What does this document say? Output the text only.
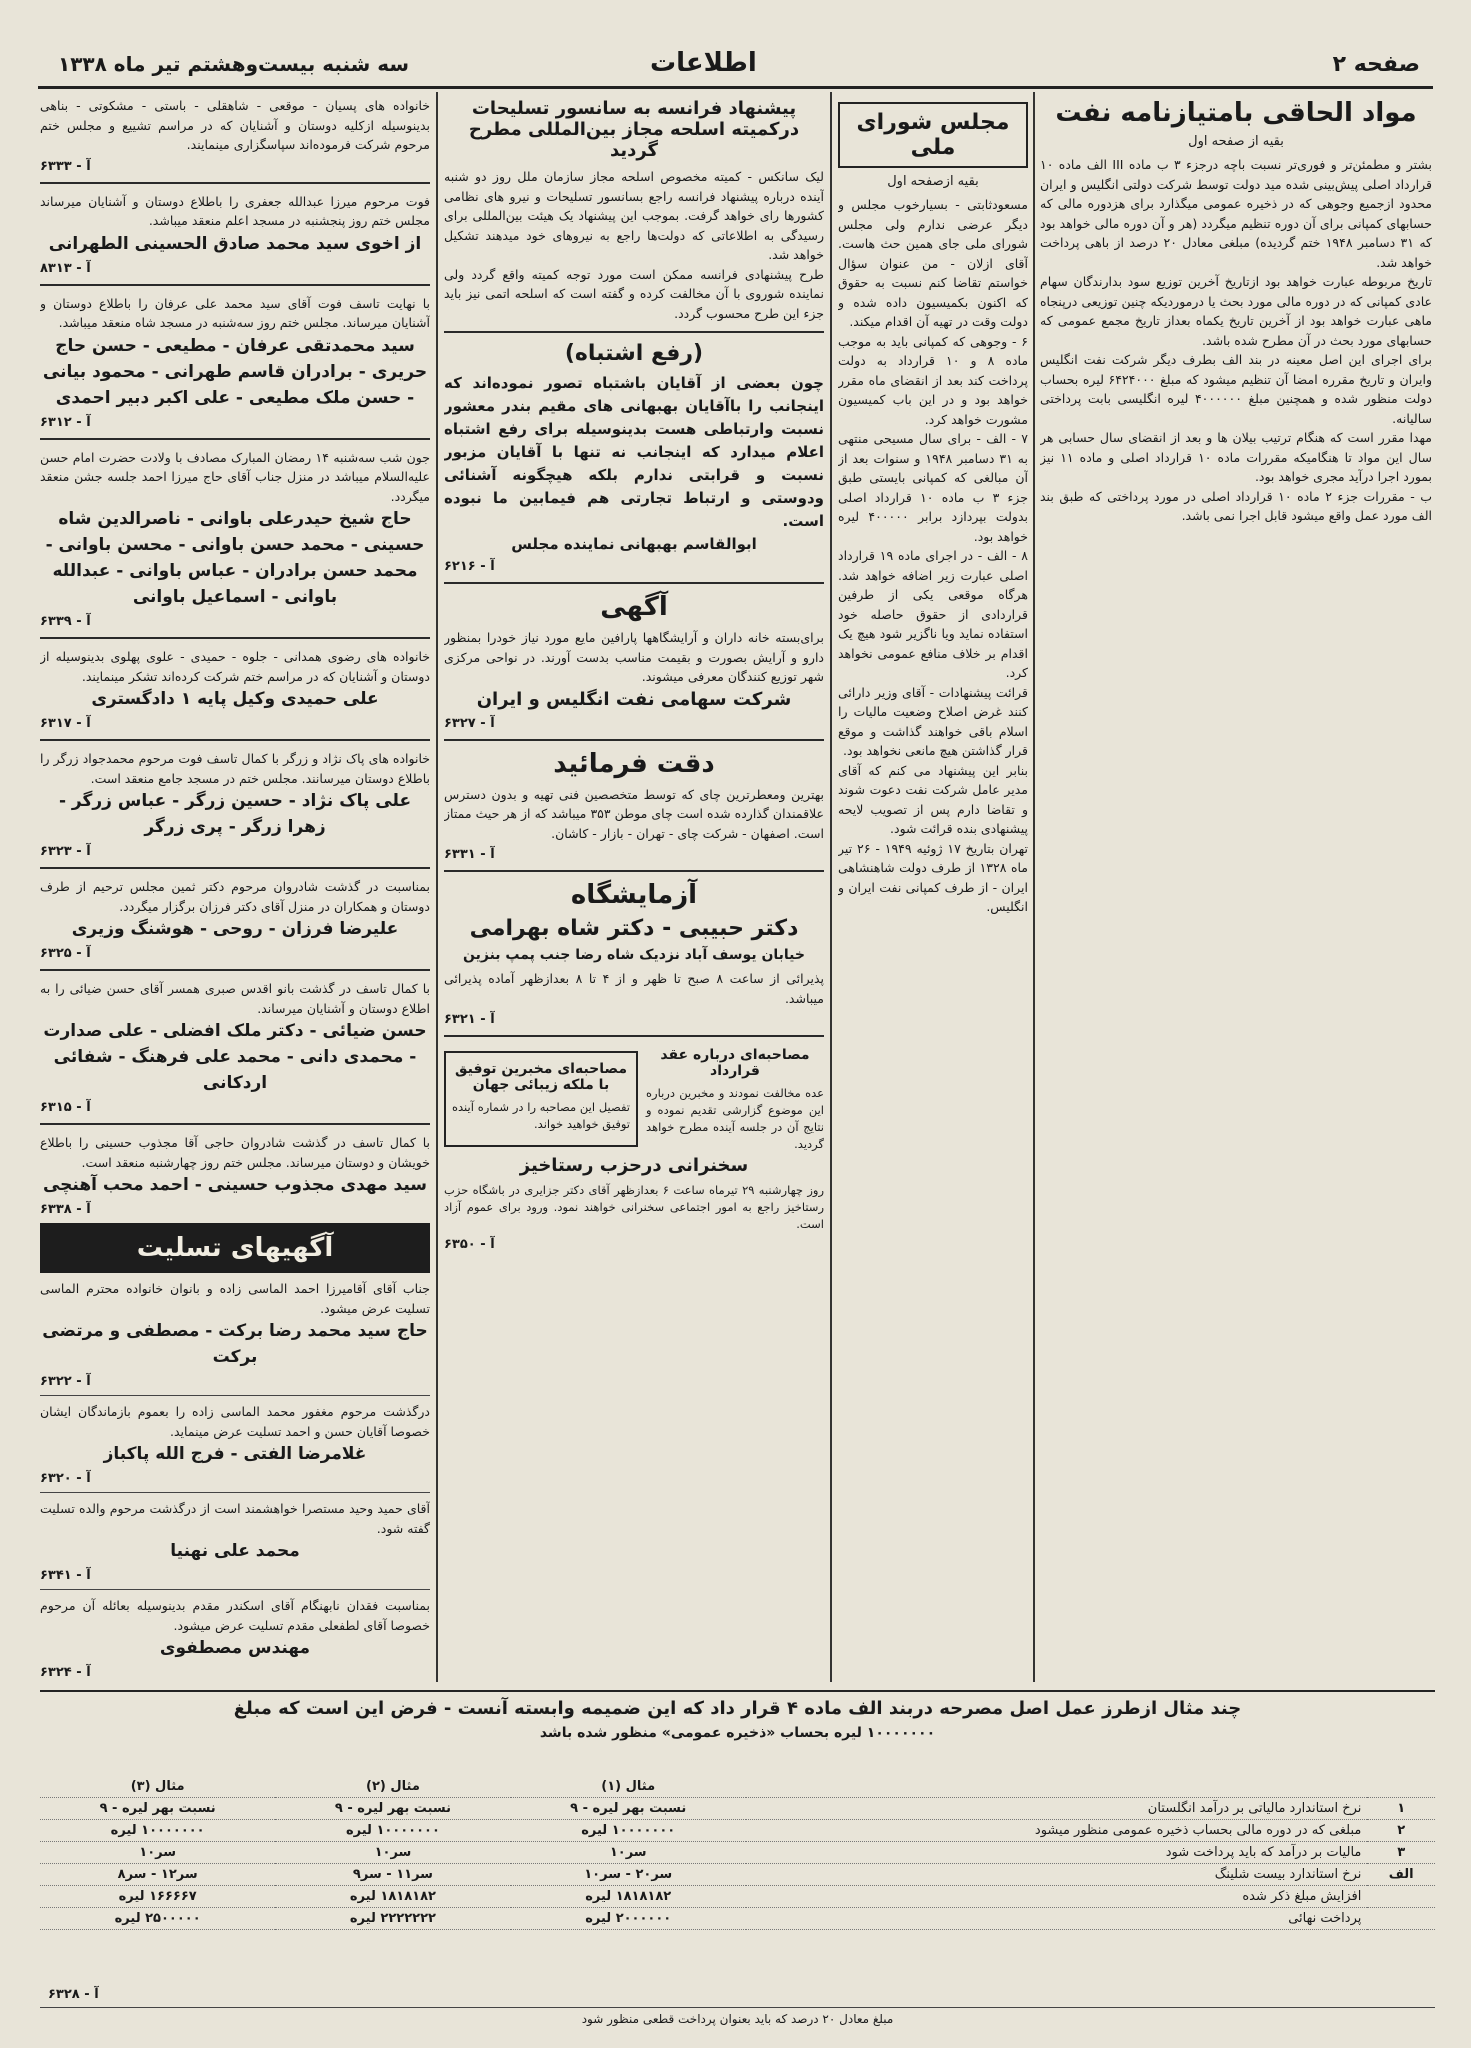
صفحه ۲
اطلاعات
سه شنبه بیست‌وهشتم تیر ماه ۱۳۳۸
مواد الحاقی بامتیازنامه نفت
بقیه از صفحه اول

بشتر و مطمئن‌تر و فوری‌تر نسبت باچه درجزء ۳ ب ماده III الف ماده ۱۰ قرارداد اصلی پیش‌بینی شده مید دولت توسط شرکت دولتی انگلیس و ایران محدود ازجمیع وجوهی که در ذخیره عمومی میگذارد برای هزدوره مالی که حسابهای کمپانی برای آن دوره تنظیم میگردد (هر و آن دوره مالی خواهد بود که ۳۱ دسامبر ۱۹۴۸ ختم گردیده) مبلغی معادل ۲۰ درصد از باهی پرداخت خواهد شد.

تاریخ مربوطه عبارت خواهد بود ازتاریخ آخرین توزیع سود بدارندگان سهام عادی کمپانی که در دوره مالی مورد بحث یا درموردیکه چنین توزیعی درپنجاه ماهی عبارت خواهد بود از آخرین تاریخ یکماه بعداز تاریخ مجمع عمومی که حسابهای مورد بحث در آن مطرح شده باشد.

برای اجرای این اصل معینه در بند الف بطرف دیگر شرکت نفت انگلیس وایران و تاریخ مقرره امضا آن تنظیم میشود که مبلغ ۶۴۲۴۰۰۰ لیره بحساب دولت منظور شده و همچنین مبلغ ۴۰۰۰۰۰۰ لیره انگلیسی بابت پرداختی سالیانه.

مهدا مقرر است که هنگام ترتیب بیلان ها و بعد از انقضای سال حسابی هر سال این مواد تا هنگامیکه مقررات ماده ۱۰ قرارداد اصلی و ماده ۱۱ نیز بمورد اجرا درآید مجری خواهد بود.

ب - مقررات جزء ۲ ماده ۱۰ قرارداد اصلی در مورد پرداختی که طبق بند الف مورد عمل واقع میشود قابل اجرا نمی باشد.

مجلس شورای ملی
بقیه ازصفحه اول

مسعودثابتی - بسیارخوب مجلس و دیگر عرضی ندارم ولی مجلس شورای ملی جای همین حث هاست. آقای ازلان - من عنوان سؤال خواستم تقاضا کنم نسبت به حقوق که اکنون بکمیسیون داده شده و دولت وقت در تهیه آن اقدام میکند.

۶ - وجوهی که کمپانی باید به موجب ماده ۸ و ۱۰ قرارداد به دولت پرداخت کند بعد از انقضای ماه مقرر خواهد بود و در این باب کمیسیون مشورت خواهد کرد.

۷ - الف - برای سال مسیحی منتهی به ۳۱ دسامبر ۱۹۴۸ و سنوات بعد از آن مبالغی که کمپانی بایستی طبق جزء ۳ ب ماده ۱۰ قرارداد اصلی بدولت بپردازد برابر ۴۰۰۰۰۰ لیره خواهد بود.

۸ - الف - در اجرای ماده ۱۹ قرارداد اصلی عبارت زیر اضافه خواهد شد. هرگاه موقعی یکی از طرفین قراردادی از حقوق حاصله خود استفاده نماید ویا ناگزیر شود هیچ یک اقدام بر خلاف منافع عمومی نخواهد کرد.

قرائت پیشنهادات - آقای وزیر دارائی کنند غرض اصلاح وضعیت مالیات را اسلام باقی خواهند گذاشت و موقع قرار گذاشتن هیچ مانعی نخواهد بود.

بنابر این پیشنهاد می کنم که آقای مدیر عامل شرکت نفت دعوت شوند و تقاضا دارم پس از تصویب لایحه پیشنهادی بنده قرائت شود.

تهران بتاریخ ۱۷ ژوئیه ۱۹۴۹ - ۲۶ تیر ماه ۱۳۲۸ از طرف دولت شاهنشاهی ایران - از طرف کمپانی نفت ایران و انگلیس.

پیشنهاد فرانسه به سانسور تسلیحات درکمیته اسلحه مجاز بین‌المللی مطرح گردید

لیک سانکس - کمیته مخصوص اسلحه مجاز سازمان ملل روز دو شنبه آینده درباره پیشنهاد فرانسه راجع بسانسور تسلیحات و نیرو های نظامی کشورها رای خواهد گرفت. بموجب این پیشنهاد یک هیئت بین‌المللی برای رسیدگی به اطلاعاتی که دولت‌ها راجع به نیروهای خود میدهند تشکیل خواهد شد.

طرح پیشنهادی فرانسه ممکن است مورد توجه کمیته واقع گردد ولی نماینده شوروی با آن مخالفت کرده و گفته است که اسلحه اتمی نیز باید جزء این طرح محسوب گردد.

(رفع اشتباه)

چون بعضی از آقایان باشتباه تصور نموده‌اند که اینجانب را باآقایان بهبهانی های مقیم بندر معشور نسبت وارتباطی هست بدینوسیله برای رفع اشتباه اعلام میدارد که اینجانب نه تنها با آقایان مزبور نسبت و قرابتی ندارم بلکه هیچگونه آشنائی ودوستی و ارتباط تجارتی هم فیمابین ما نبوده است.

ابوالقاسم بهبهانی نماینده مجلس
آ - ۶۲۱۶
آگهی

برای‌بسته خانه داران و آرایشگاهها پارافین مایع مورد نیاز خودرا بمنظور دارو و آرایش بصورت و بقیمت مناسب بدست آورند. در نواحی مرکزی شهر توزیع کنندگان معرفی میشوند.

شرکت سهامی نفت انگلیس و ایران
آ - ۶۳۲۷
دقت فرمائید

بهترین ومعطرترین چای که توسط متخصصین فنی تهیه و بدون دسترس علاقمندان گذارده شده است چای موطن ۳۵۳ میباشد که از هر حیث ممتاز است. اصفهان - شرکت چای - تهران - بازار - کاشان.

آ - ۶۳۳۱
آزمایشگاه
دکتر حبیبی - دکتر شاه بهرامی
خیابان یوسف آباد نزدیک شاه رضا جنب پمپ بنزین

پذیرائی از ساعت ۸ صبح تا ظهر و از ۴ تا ۸ بعدازظهر آماده پذیرائی میباشد.

آ - ۶۳۲۱
مصاحبه‌ای درباره عقد قرارداد

عده مخالفت نمودند و مخبرین درباره این موضوع گزارشی تقدیم نموده و نتایج آن در جلسه آینده مطرح خواهد گردید.

مصاحبه‌ای مخبرین توفیق با ملکه زیبائی جهان

تفصیل این مصاحبه را در شماره آینده توفیق خواهید خواند.

سخنرانی درحزب رستاخیز

روز چهارشنبه ۲۹ تیرماه ساعت ۶ بعدازظهر آقای دکتر جزایری در باشگاه حزب رستاخیز راجع به امور اجتماعی سخنرانی خواهند نمود. ورود برای عموم آزاد است.

آ - ۶۳۵۰

خانواده های پسیان - موقعی - شاهقلی - باستی - مشکوتی - بناهی بدینوسیله ازکلیه دوستان و آشنایان که در مراسم تشییع و مجلس ختم مرحوم شرکت فرموده‌اند سپاسگزاری مینمایند.

آ - ۶۳۳۳

فوت مرحوم میرزا عبدالله جعفری را باطلاع دوستان و آشنایان میرساند مجلس ختم روز پنجشنبه در مسجد اعلم منعقد میباشد.

از اخوی سید محمد صادق الحسینی الطهرانی
آ - ۸۳۱۳

با نهایت تاسف فوت آقای سید محمد علی عرفان را باطلاع دوستان و آشنایان میرساند. مجلس ختم روز سه‌شنبه در مسجد شاه منعقد میباشد.

سید محمدتقی عرفان - مطیعی - حسن حاج حریری - برادران قاسم طهرانی - محمود بیانی - حسن ملک مطیعی - علی اکبر دبیر احمدی
آ - ۶۳۱۲

جون شب سه‌شنبه ۱۴ رمضان المبارک مصادف با ولادت حضرت امام حسن علیه‌السلام میباشد در منزل جناب آقای حاج میرزا احمد جلسه جشن منعقد میگردد.

حاج شیخ حیدرعلی باوانی - ناصرالدین شاه حسینی - محمد حسن باوانی - محسن باوانی - محمد حسن برادران - عباس باوانی - عبدالله باوانی - اسماعیل باوانی
آ - ۶۳۳۹

خانواده های رضوی همدانی - جلوه - حمیدی - علوی پهلوی بدینوسیله از دوستان و آشنایان که در مراسم ختم شرکت کرده‌اند تشکر مینمایند.

علی حمیدی وکیل پایه ۱ دادگستری
آ - ۶۳۱۷

خانواده های پاک نژاد و زرگر با کمال تاسف فوت مرحوم محمدجواد زرگر را باطلاع دوستان میرسانند. مجلس ختم در مسجد جامع منعقد است.

علی پاک نژاد - حسین زرگر - عباس زرگر - زهرا زرگر - پری زرگر
آ - ۶۳۲۳

بمناسبت در گذشت شادروان مرحوم دکتر ثمین مجلس ترحیم از طرف دوستان و همکاران در منزل آقای دکتر فرزان برگزار میگردد.

علیرضا فرزان - روحی - هوشنگ وزیری
آ - ۶۳۲۵

با کمال تاسف در گذشت بانو اقدس صبری همسر آقای حسن ضیائی را به اطلاع دوستان و آشنایان میرساند.

حسن ضیائی - دکتر ملک افضلی - علی صدارت - محمدی دانی - محمد علی فرهنگ - شفائی اردکانی
آ - ۶۳۱۵

با کمال تاسف در گذشت شادروان حاجی آقا مجذوب حسینی را باطلاع خویشان و دوستان میرساند. مجلس ختم روز چهارشنبه منعقد است.

سید مهدی مجذوب حسینی - احمد محب آهنچی
آ - ۶۳۳۸
آگهیهای تسلیت

جناب آقای آقامیرزا احمد الماسی زاده و بانوان خانواده محترم الماسی تسلیت عرض میشود.

حاج سید محمد رضا برکت - مصطفی و مرتضی برکت
آ - ۶۳۲۲

درگذشت مرحوم مغفور محمد الماسی زاده را بعموم بازماندگان ایشان خصوصا آقایان حسن و احمد تسلیت عرض مینماید.

غلامرضا الفتی - فرج الله پاکباز
آ - ۶۳۲۰

آقای حمید وحید مستصرا خواهشمند است از درگذشت مرحوم والده تسلیت گفته شود.

محمد علی نهنیا
آ - ۶۳۴۱

بمناسبت فقدان نابهنگام آقای اسکندر مقدم بدینوسیله بعائله آن مرحوم خصوصا آقای لطفعلی مقدم تسلیت عرض میشود.

مهندس مصطفوی
آ - ۶۳۲۴
چند مثال ازطرز عمل اصل مصرحه دربند الف ماده ۴ قرار داد که این ضمیمه وابسته آنست - فرض این است که مبلغ
۱۰۰۰۰۰۰۰ لیره بحساب «ذخیره عمومی» منظور شده باشد
		مثال (۱)	مثال (۲)	مثال (۳)
۱	نرخ استاندارد مالیاتی بر درآمد انگلستان	نسبت بهر لیره - ۹	نسبت بهر لیره - ۹	نسبت بهر لیره - ۹
۲	مبلغی که در دوره مالی بحساب ذخیره عمومی منظور میشود	۱۰۰۰۰۰۰۰ لیره	۱۰۰۰۰۰۰۰ لیره	۱۰۰۰۰۰۰۰ لیره
۳	مالیات بر درآمد که باید پرداخت شود	سر۱۰	سر۱۰	سر۱۰
الف	نرخ استاندارد بیست شلینگ	سر۲۰ - سر۱۰	سر۱۱ - سر۹	سر۱۲ - سر۸
	افزایش مبلغ ذکر شده	۱۸۱۸۱۸۲ لیره	۱۸۱۸۱۸۲ لیره	۱۶۶۶۶۷ لیره
	پرداخت نهائی	۲۰۰۰۰۰۰ لیره	۲۲۲۲۲۲۲ لیره	۲۵۰۰۰۰۰ لیره
مبلغ معادل ۲۰ درصد که باید بعنوان پرداخت قطعی منظور شود
آ - ۶۳۲۸
